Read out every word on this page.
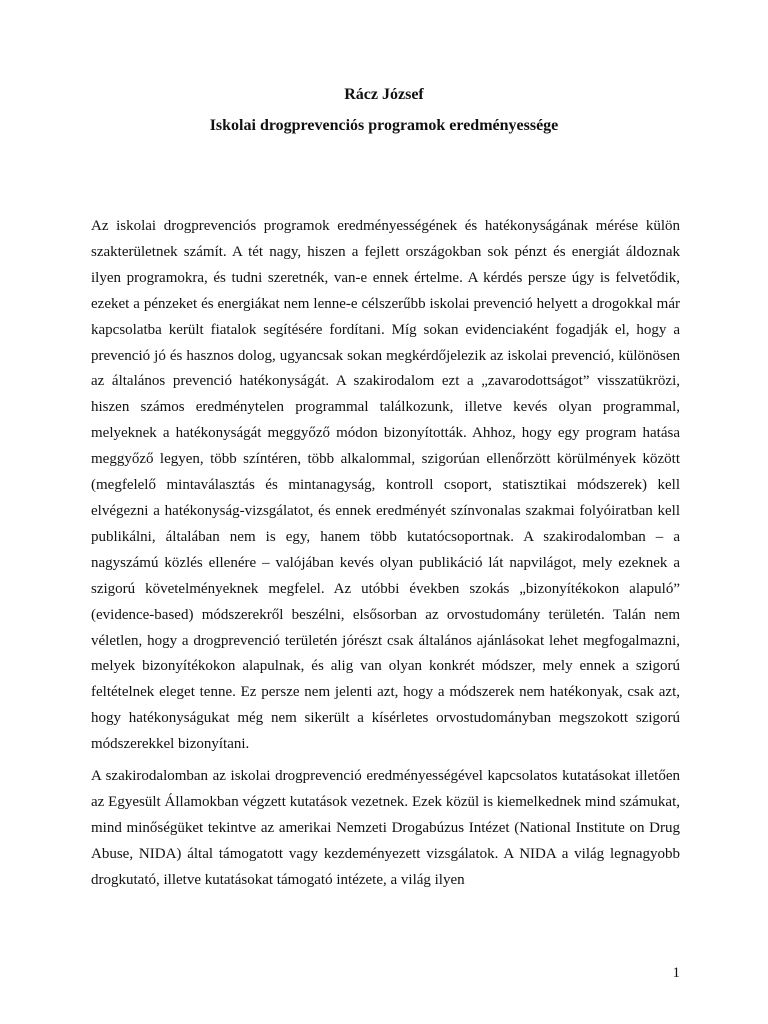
Rácz József
Iskolai drogprevenciós programok eredményessége

Az iskolai drogprevenciós programok eredményességének és hatékonyságának mérése külön szakterületnek számít. A tét nagy, hiszen a fejlett országokban sok pénzt és energiát áldoznak ilyen programokra, és tudni szeretnék, van-e ennek értelme. A kérdés persze úgy is felvetődik, ezeket a pénzeket és energiákat nem lenne-e célszerűbb iskolai prevenció helyett a drogokkal már kapcsolatba került fiatalok segítésére fordítani. Míg sokan evidenciaként fogadják el, hogy a prevenció jó és hasznos dolog, ugyancsak sokan megkérdőjelezik az iskolai prevenció, különösen az általános prevenció hatékonyságát. A szakirodalom ezt a „zavarodottságot” visszatükrözi, hiszen számos eredménytelen programmal találkozunk, illetve kevés olyan programmal, melyeknek a hatékonyságát meggyőző módon bizonyították. Ahhoz, hogy egy program hatása meggyőző legyen, több színtéren, több alkalommal, szigorúan ellenőrzött körülmények között (megfelelő mintaválasztás és mintanagyság, kontroll csoport, statisztikai módszerek) kell elvégezni a hatékonyság-vizsgálatot, és ennek eredményét színvonalas szakmai folyóiratban kell publikálni, általában nem is egy, hanem több kutatócsoportnak. A szakirodalomban – a nagyszámú közlés ellenére – valójában kevés olyan publikáció lát napvilágot, mely ezeknek a szigorú követelményeknek megfelel. Az utóbbi években szokás „bizonyítékokon alapuló” (evidence-based) módszerekről beszélni, elsősorban az orvostudomány területén. Talán nem véletlen, hogy a drogprevenció területén jórészt csak általános ajánlásokat lehet megfogalmazni, melyek bizonyítékokon alapulnak, és alig van olyan konkrét módszer, mely ennek a szigorú feltételnek eleget tenne. Ez persze nem jelenti azt, hogy a módszerek nem hatékonyak, csak azt, hogy hatékonyságukat még nem sikerült a kísérletes orvostudományban megszokott szigorú módszerekkel bizonyítani.

A szakirodalomban az iskolai drogprevenció eredményességével kapcsolatos kutatásokat illetően az Egyesült Államokban végzett kutatások vezetnek. Ezek közül is kiemelkednek mind számukat, mind minőségüket tekintve az amerikai Nemzeti Drogabúzus Intézet (National Institute on Drug Abuse, NIDA) által támogatott vagy kezdeményezett vizsgálatok. A NIDA a világ legnagyobb drogkutató, illetve kutatásokat támogató intézete, a világ ilyen

1
